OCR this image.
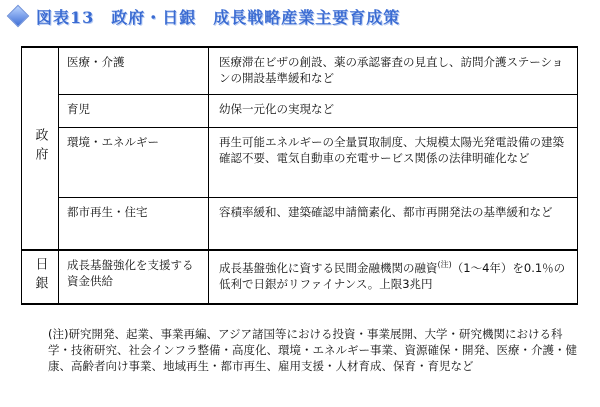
図表13　政府・日銀　成長戦略産業主要育成策
政府	医療・介護	医療滞在ビザの創設、薬の承認審査の見直し、訪問介護ステーションの開設基準緩和など
	育児	幼保一元化の実現など
	環境・エネルギー	再生可能エネルギーの全量買取制度、大規模太陽光発電設備の建築確認不要、電気自動車の充電サービス関係の法律明確化など
	都市再生・住宅	容積率緩和、建築確認申請簡素化、都市再開発法の基準緩和など
日銀	成長基盤強化を支援する資金供給	成長基盤強化に資する民間金融機関の融資$^{(注)}$（1～4年）を0.1％の低利で日銀がリファイナンス。上限3兆円
(注)研究開発、起業、事業再編、アジア諸国等における投資・事業展開、大学・研究機関における科学・技術研究、社会インフラ整備・高度化、環境・エネルギー事業、資源確保・開発、医療・介護・健康、高齢者向け事業、地域再生・都市再生、雇用支援・人材育成、保育・育児など
